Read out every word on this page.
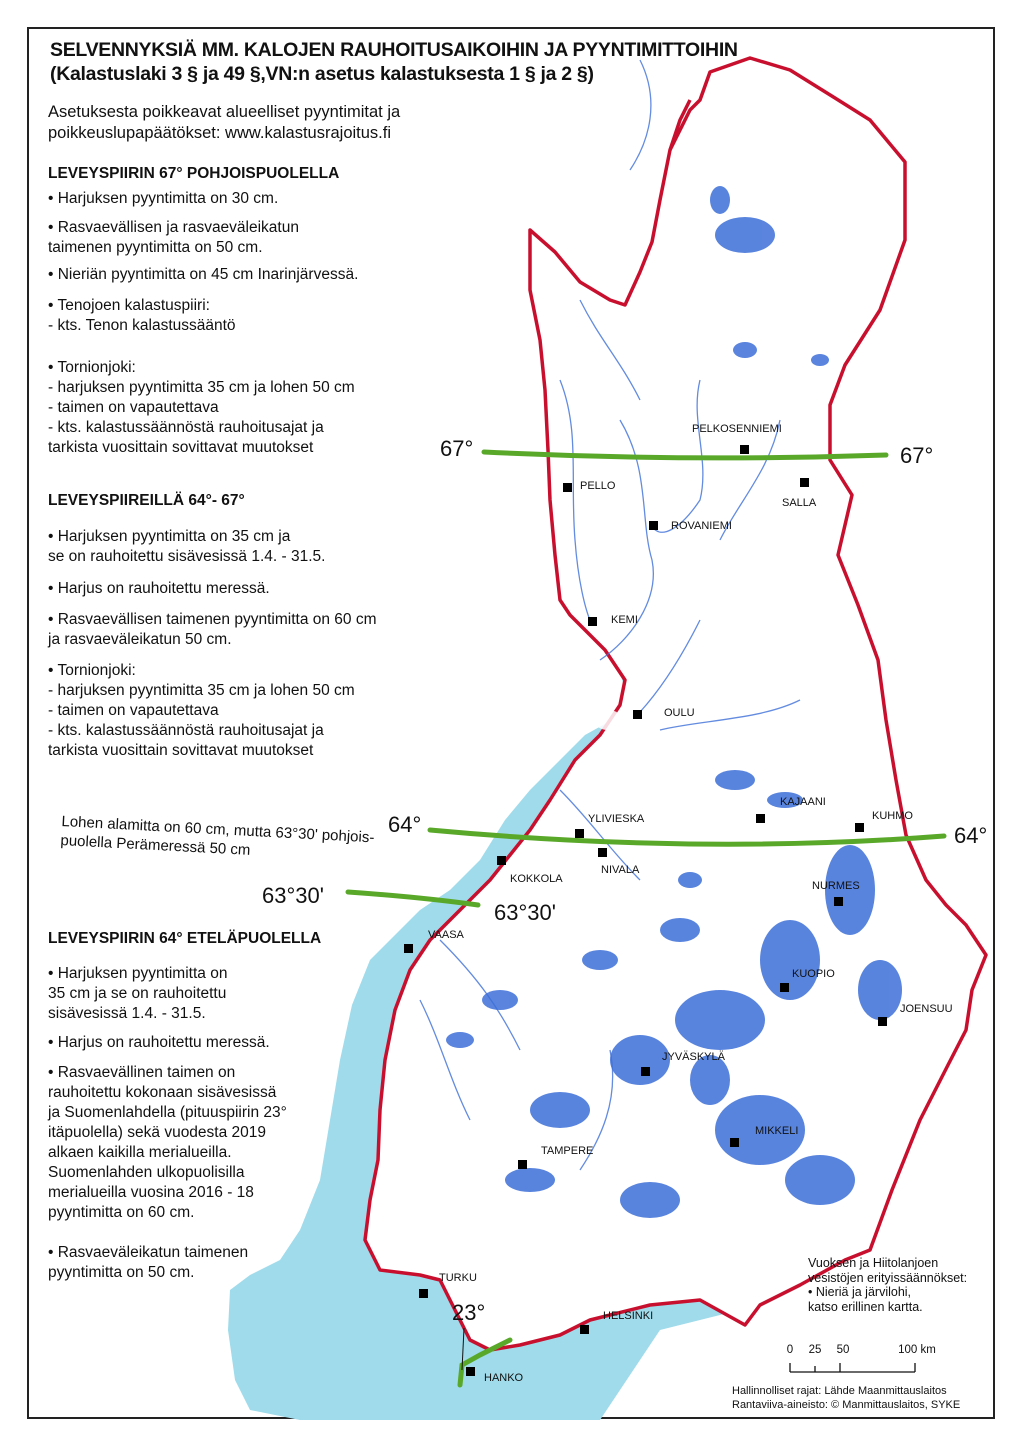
SELVENNYKSIÄ MM. KALOJEN RAUHOITUSAIKOIHIN JA PYYNTIMITTOIHIN
(Kalastuslaki 3 § ja 49 §,VN:n asetus kalastuksesta 1 § ja 2 §)
Asetuksesta poikkeavat alueelliset pyyntimitat ja
poikkeuslupapäätökset: www.kalastusrajoitus.fi
LEVEYSPIIRIN 67° POHJOISPUOLELLA
• Harjuksen pyyntimitta on 30 cm.
• Rasvaevällisen ja rasvaeväleikatun
taimenen pyyntimitta on 50 cm.
• Nieriän pyyntimitta on 45 cm Inarinjärvessä.
• Tenojoen kalastuspiiri:
- kts. Tenon kalastussääntö
• Tornionjoki:
- harjuksen pyyntimitta 35 cm ja lohen 50 cm
- taimen on vapautettava
- kts. kalastussäännöstä rauhoitusajat ja
tarkista vuosittain sovittavat muutokset
LEVEYSPIIREILLÄ 64°- 67°
• Harjuksen pyyntimitta on 35 cm ja
se on rauhoitettu sisävesissä 1.4. - 31.5.
• Harjus on rauhoitettu meressä.
• Rasvaevällisen taimenen pyyntimitta on 60 cm
ja rasvaeväleikatun 50 cm.
• Tornionjoki:
- harjuksen pyyntimitta 35 cm ja lohen 50 cm
- taimen on vapautettava
- kts. kalastussäännöstä rauhoitusajat ja
tarkista vuosittain sovittavat muutokset
Lohen alamitta on 60 cm, mutta 63°30' pohjois-
puolella Perämeressä 50 cm
LEVEYSPIIRIN 64° ETELÄPUOLELLA
• Harjuksen pyyntimitta on
35 cm ja se on rauhoitettu
sisävesissä 1.4. - 31.5.
• Harjus on rauhoitettu meressä.
• Rasvaevällinen taimen on
rauhoitettu kokonaan sisävesissä
ja Suomenlahdella (pituuspiirin 23°
itäpuolella) sekä vuodesta 2019
alkaen kaikilla merialueilla.
Suomenlahden ulkopuolisilla
merialueilla vuosina 2016 - 18
pyyntimitta on 60 cm.
• Rasvaeväleikatun taimenen
pyyntimitta on 50 cm.
67°	67°
64°	64°
63°30'
63°30'
23°
PELKOSENNIEMI
PELLO
SALLA
ROVANIEMI
KEMI
OULU
KAJAANI
KUHMO
YLIVIESKA
NIVALA
KOKKOLA
NURMES
VAASA
KUOPIO
JOENSUU
JYVÄSKYLÄ
MIKKELI
TAMPERE
TURKU
HELSINKI
HANKO
Vuoksen ja Hiitolanjoen
vesistöjen erityissäännökset:
• Nieriä ja järvilohi,
katso erillinen kartta.
0 25 50	100 km
Hallinnolliset rajat: Lähde Maanmittauslaitos
Rantaviiva-aineisto: © Manmittauslaitos, SYKE
